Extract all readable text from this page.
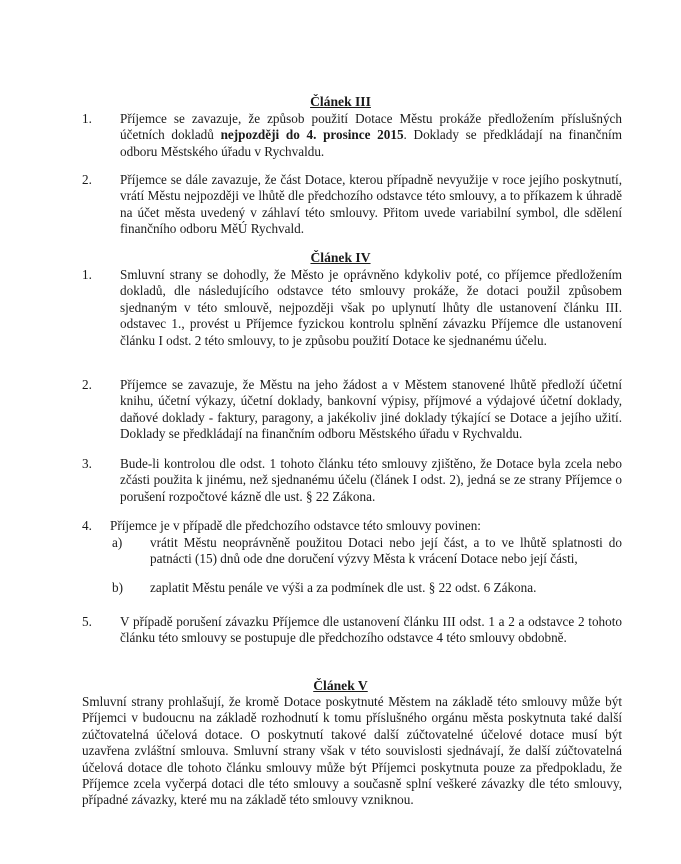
Článek III
1.	Příjemce se zavazuje, že způsob použití Dotace Městu prokáže předložením příslušných účetních dokladů nejpozději do 4. prosince 2015. Doklady se předkládají na finančním odboru Městského úřadu v Rychvaldu.
2.	Příjemce se dále zavazuje, že část Dotace, kterou případně nevyužije v roce jejího poskytnutí, vrátí Městu nejpozději ve lhůtě dle předchozího odstavce této smlouvy, a to příkazem k úhradě na účet města uvedený v záhlaví této smlouvy. Přitom uvede variabilní symbol, dle sdělení finančního odboru MěÚ Rychvald.
Článek IV
1.	Smluvní strany se dohodly, že Město je oprávněno kdykoliv poté, co příjemce předložením dokladů, dle následujícího odstavce této smlouvy prokáže, že dotaci použil způsobem sjednaným v této smlouvě, nejpozději však po uplynutí lhůty dle ustanovení článku III. odstavec 1., provést u Příjemce fyzickou kontrolu splnění závazku Příjemce dle ustanovení článku I odst. 2 této smlouvy, to je způsobu použití Dotace ke sjednanému účelu.
2.	Příjemce se zavazuje, že Městu na jeho žádost a v Městem stanovené lhůtě předloží účetní knihu, účetní výkazy, účetní doklady, bankovní výpisy, příjmové a výdajové účetní doklady, daňové doklady - faktury, paragony, a jakékoliv jiné doklady týkající se Dotace a jejího užití. Doklady se předkládají na finančním odboru Městského úřadu v Rychvaldu.
3.	Bude-li kontrolou dle odst. 1 tohoto článku této smlouvy zjištěno, že Dotace byla zcela nebo zčásti použita k jinému, než sjednanému účelu (článek I odst. 2), jedná se ze strany Příjemce o porušení rozpočtové kázně dle ust. § 22 Zákona.
4.	Příjemce je v případě dle předchozího odstavce této smlouvy povinen:
a) vrátit Městu neoprávněně použitou Dotaci nebo její část, a to ve lhůtě splatnosti do patnácti (15) dnů ode dne doručení výzvy Města k vrácení Dotace nebo její části,
b) zaplatit Městu penále ve výši a za podmínek dle ust. § 22 odst. 6 Zákona.
5.	V případě porušení závazku Příjemce dle ustanovení článku III odst. 1 a 2 a odstavce 2 tohoto článku této smlouvy se postupuje dle předchozího odstavce 4 této smlouvy obdobně.
Článek V
Smluvní strany prohlašují, že kromě Dotace poskytnuté Městem na základě této smlouvy může být Příjemci v budoucnu na základě rozhodnutí k tomu příslušného orgánu města poskytnuta také další zúčtovatelná účelová dotace. O poskytnutí takové další zúčtovatelné účelové dotace musí být uzavřena zvláštní smlouva. Smluvní strany však v této souvislosti sjednávají, že další zúčtovatelná účelová dotace dle tohoto článku smlouvy může být Příjemci poskytnuta pouze za předpokladu, že Příjemce zcela vyčerpá dotaci dle této smlouvy a současně splní veškeré závazky dle této smlouvy, případné závazky, které mu na základě této smlouvy vzniknou.
